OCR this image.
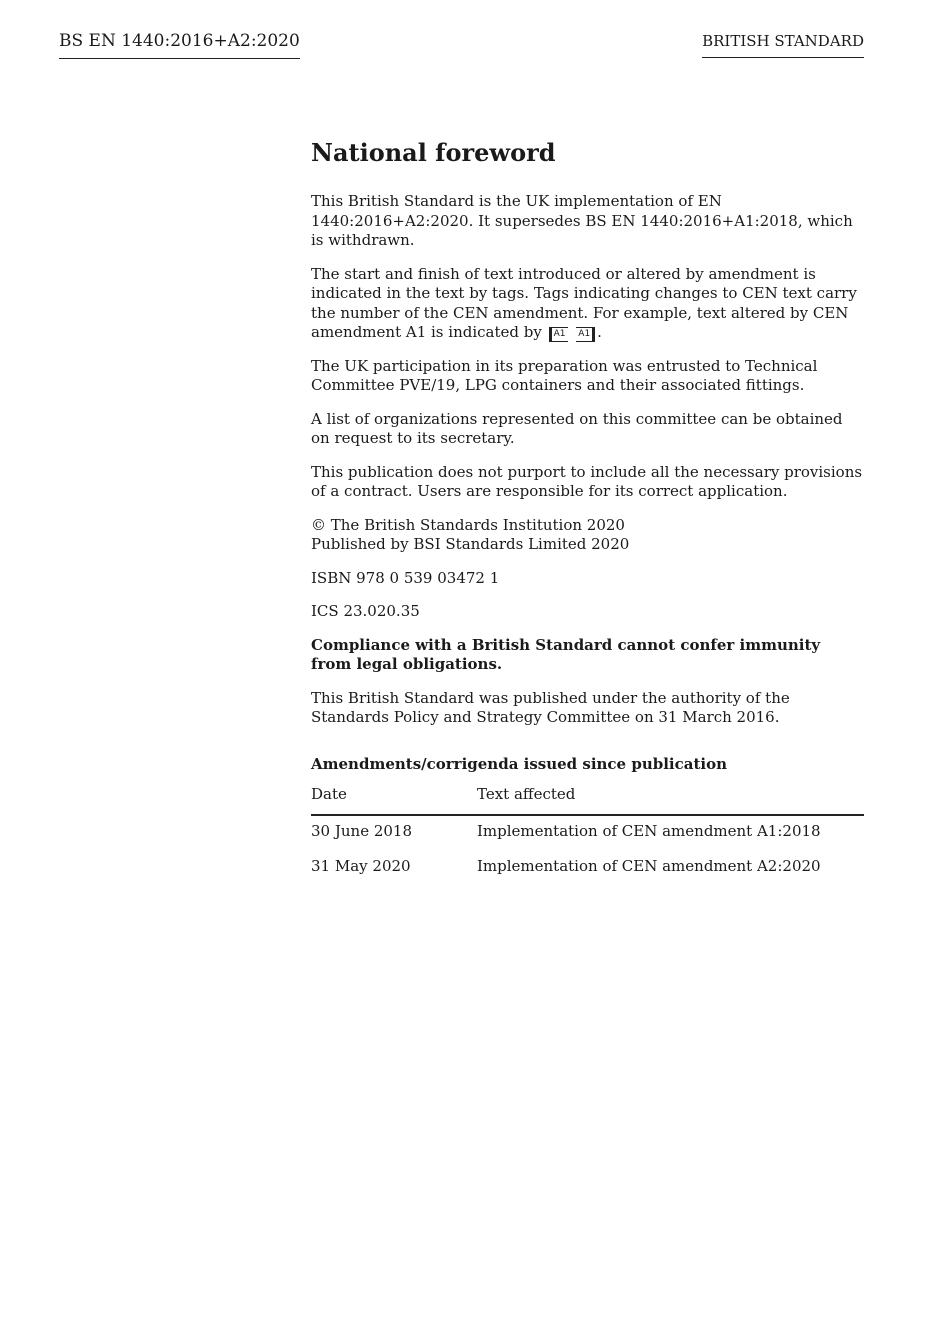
BS EN 1440:2016+A2:2020	BRITISH STANDARD
National foreword

This British Standard is the UK implementation of EN 1440:2016+A2:2020. It supersedes BS EN 1440:2016+A1:2018, which is withdrawn.

The start and finish of text introduced or altered by amendment is indicated in the text by tags. Tags indicating changes to CEN text carry the number of the CEN amendment. For example, text altered by CEN amendment A1 is indicated by A1 A1 .

The UK participation in its preparation was entrusted to Technical Committee PVE/19, LPG containers and their associated fittings.

A list of organizations represented on this committee can be obtained on request to its secretary.

This publication does not purport to include all the necessary provisions of a contract. Users are responsible for its correct application.

© The British Standards Institution 2020
Published by BSI Standards Limited 2020

ISBN 978 0 539 03472 1

ICS 23.020.35

Compliance with a British Standard cannot confer immunity from legal obligations.

This British Standard was published under the authority of the Standards Policy and Strategy Committee on 31 March 2016.

Amendments/corrigenda issued since publication
Date	Text affected
30 June 2018	Implementation of CEN amendment A1:2018
31 May 2020	Implementation of CEN amendment A2:2020
